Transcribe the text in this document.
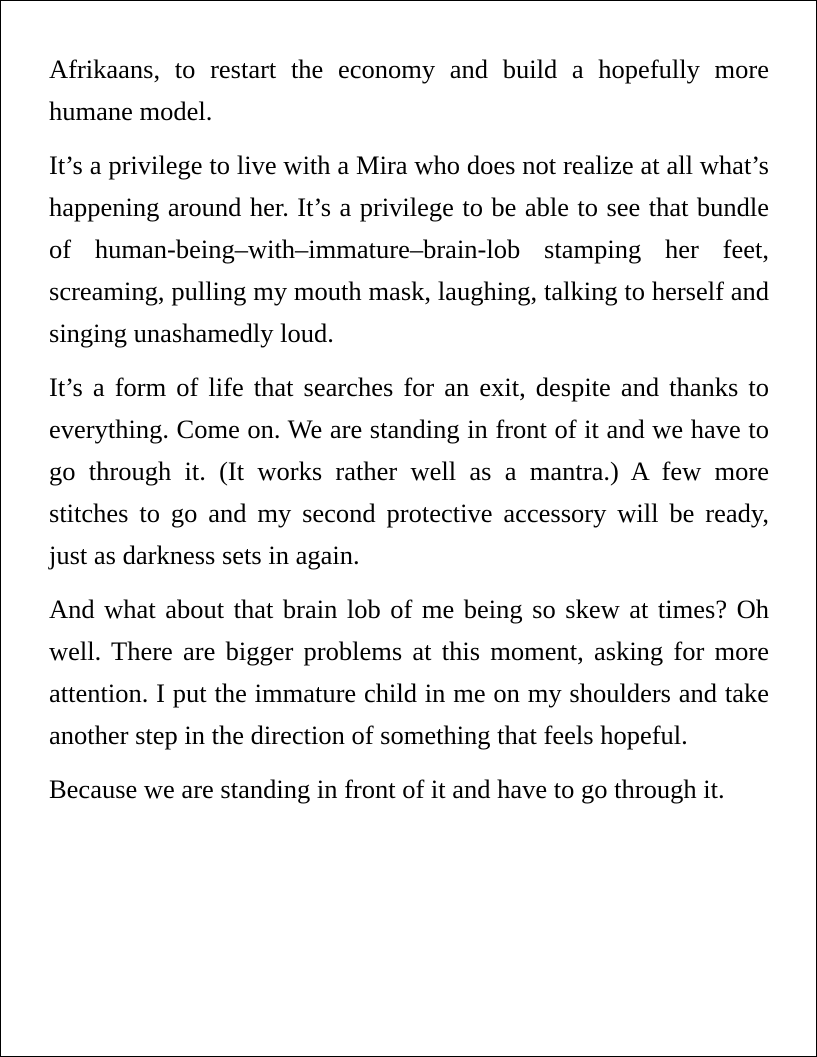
Afrikaans, to restart the economy and build a hopefully more humane model.

It’s a privilege to live with a Mira who does not realize at all what’s happening around her. It’s a privilege to be able to see that bundle of human-being–with–immature–brain-lob stamping her feet, screaming, pulling my mouth mask, laughing, talking to herself and singing unashamedly loud.

It’s a form of life that searches for an exit, despite and thanks to everything. Come on. We are standing in front of it and we have to go through it. (It works rather well as a mantra.) A few more stitches to go and my second protective accessory will be ready, just as darkness sets in again.

And what about that brain lob of me being so skew at times? Oh well. There are bigger problems at this moment, asking for more attention. I put the immature child in me on my shoulders and take another step in the direction of something that feels hopeful.

Because we are standing in front of it and have to go through it.
